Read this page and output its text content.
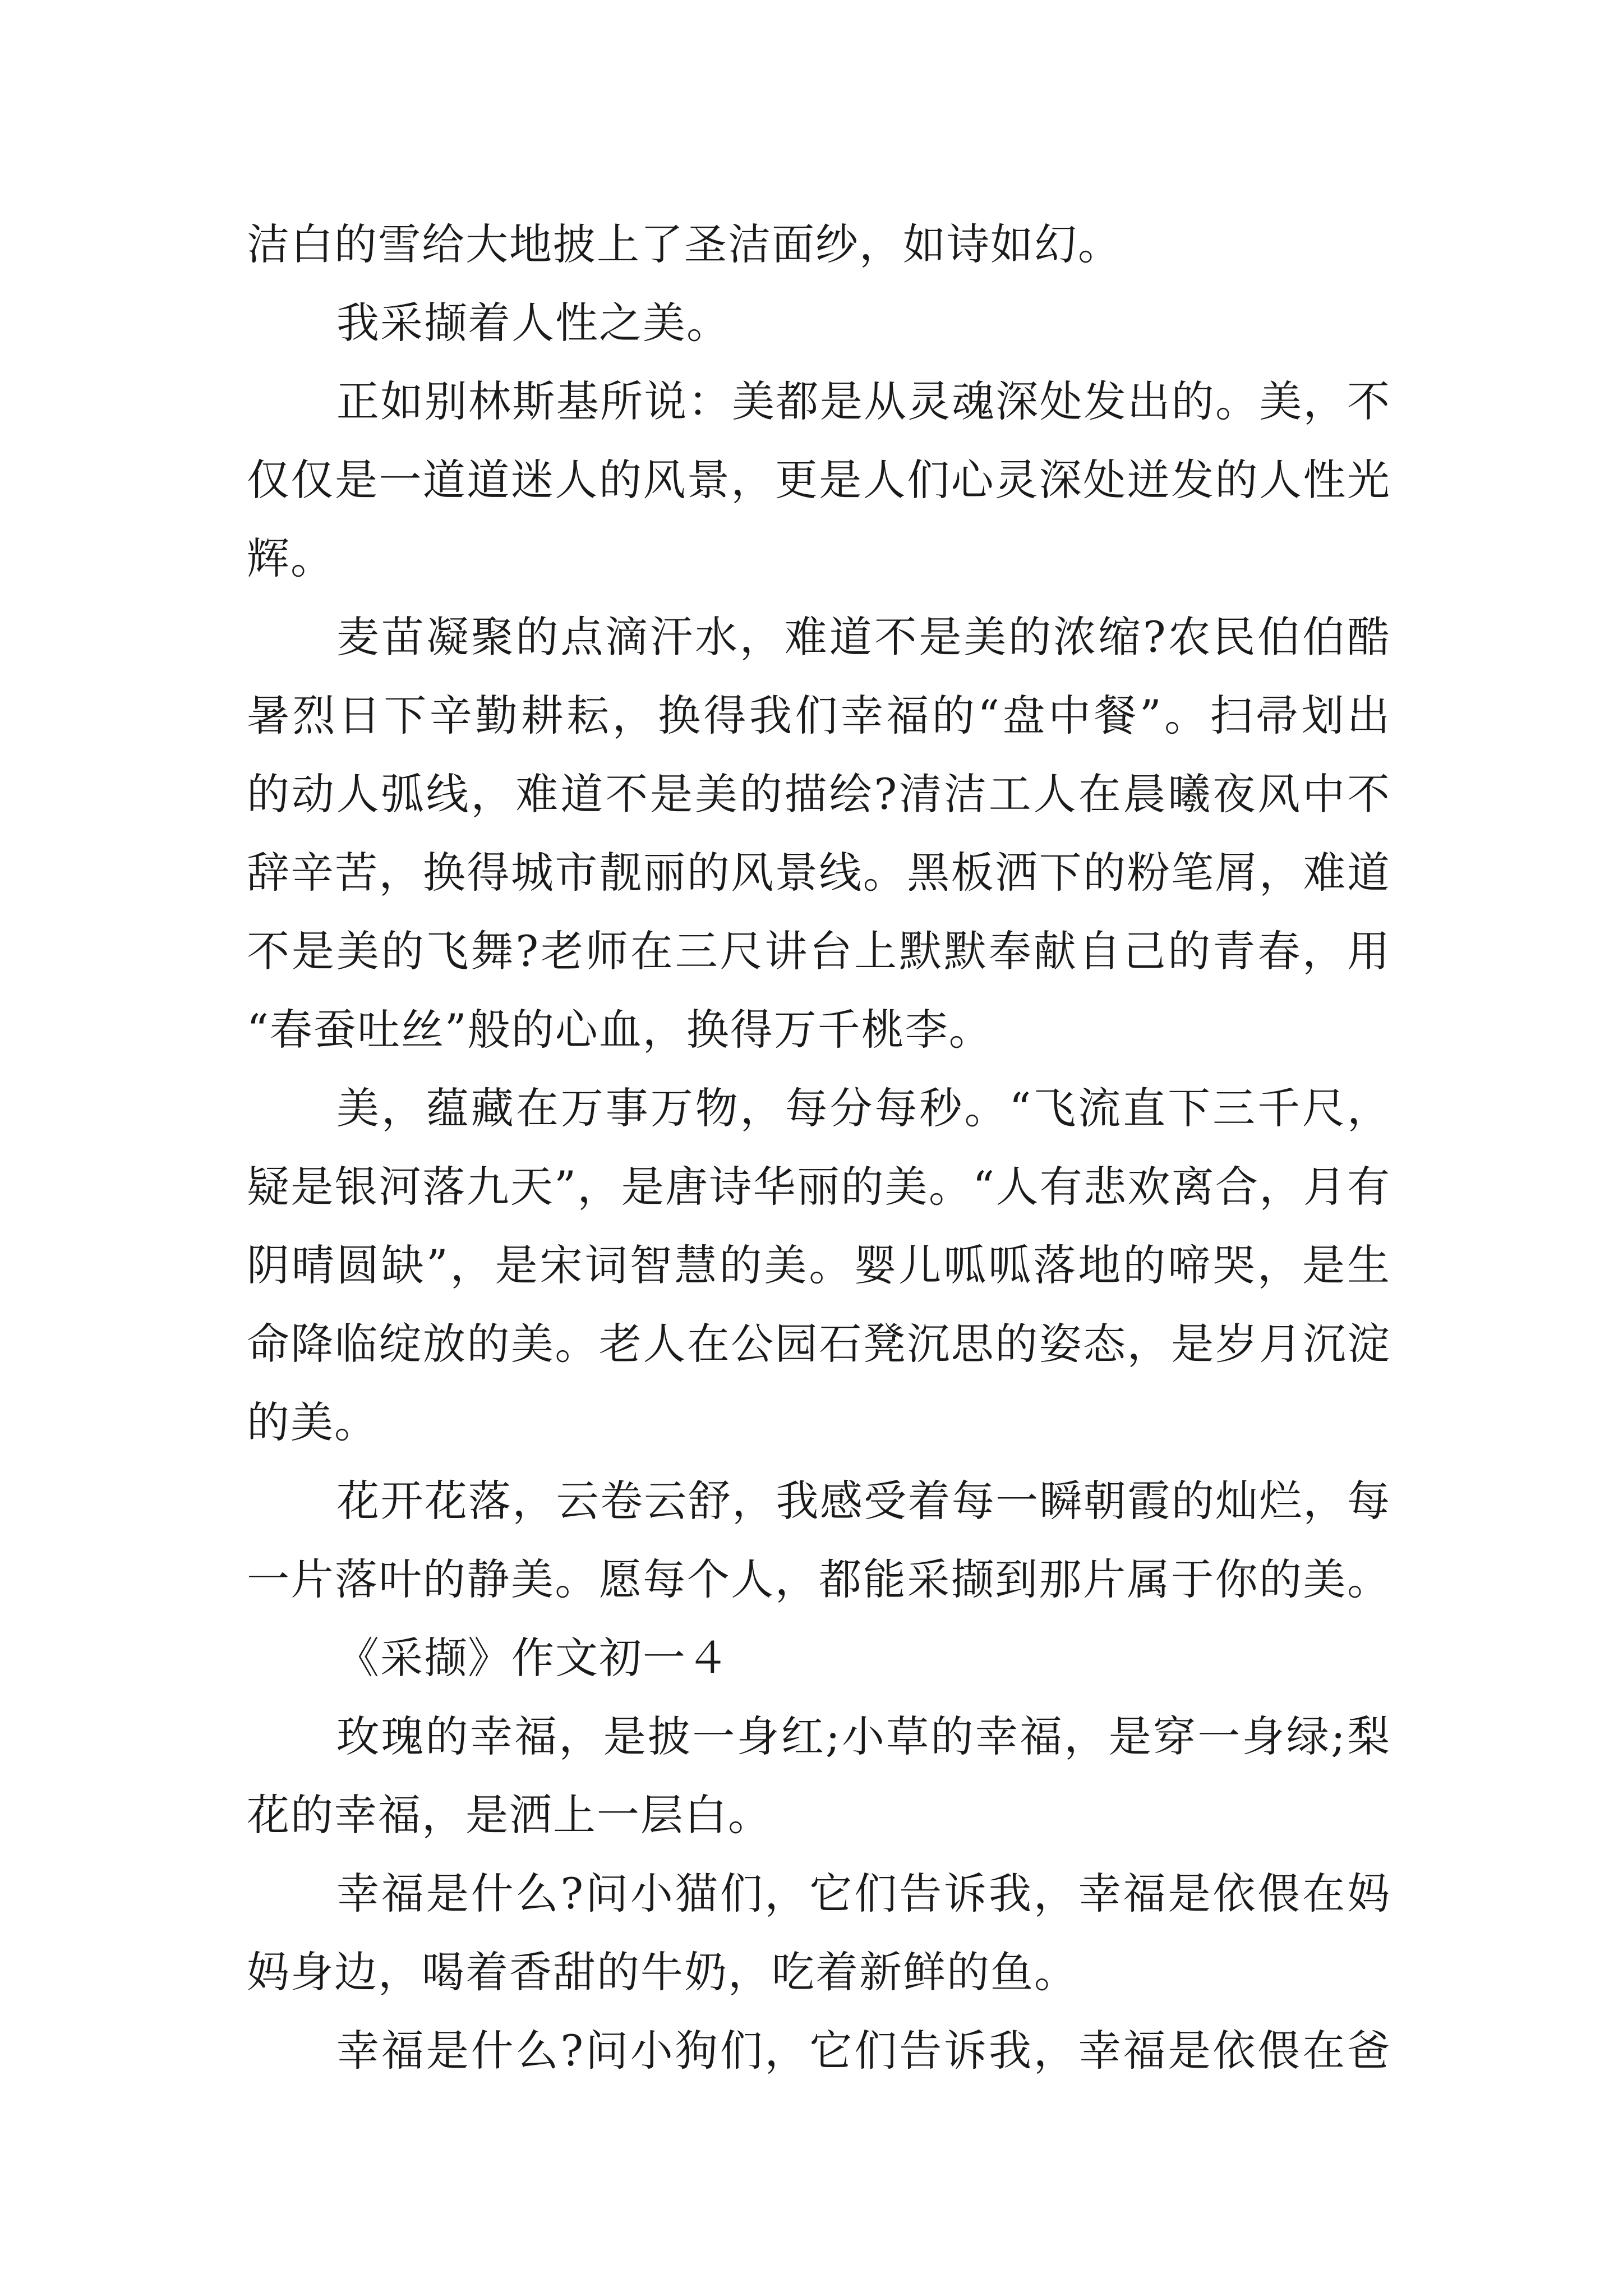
洁白的雪给大地披上了圣洁面纱，如诗如幻。
我采撷着人性之美。
正如别林斯基所说：美都是从灵魂深处发出的。美，不
仅仅是一道道迷人的风景，更是人们心灵深处迸发的人性光
辉。
麦苗凝聚的点滴汗水，难道不是美的浓缩?农民伯伯酷
暑烈日下辛勤耕耘，换得我们幸福的“盘中餐”。扫帚划出
的动人弧线，难道不是美的描绘?清洁工人在晨曦夜风中不
辞辛苦，换得城市靓丽的风景线。黑板洒下的粉笔屑，难道
不是美的飞舞?老师在三尺讲台上默默奉献自己的青春，用
“春蚕吐丝”般的心血，换得万千桃李。
美，蕴藏在万事万物，每分每秒。“飞流直下三千尺，
疑是银河落九天”，是唐诗华丽的美。“人有悲欢离合，月有
阴晴圆缺”，是宋词智慧的美。婴儿呱呱落地的啼哭，是生
命降临绽放的美。老人在公园石凳沉思的姿态，是岁月沉淀
的美。
花开花落，云卷云舒，我感受着每一瞬朝霞的灿烂，每
一片落叶的静美。愿每个人，都能采撷到那片属于你的美。
《采撷》作文初一４
玫瑰的幸福，是披一身红;小草的幸福，是穿一身绿;梨
花的幸福，是洒上一层白。
幸福是什么?问小猫们，它们告诉我，幸福是依偎在妈
妈身边，喝着香甜的牛奶，吃着新鲜的鱼。
幸福是什么?问小狗们，它们告诉我，幸福是依偎在爸
